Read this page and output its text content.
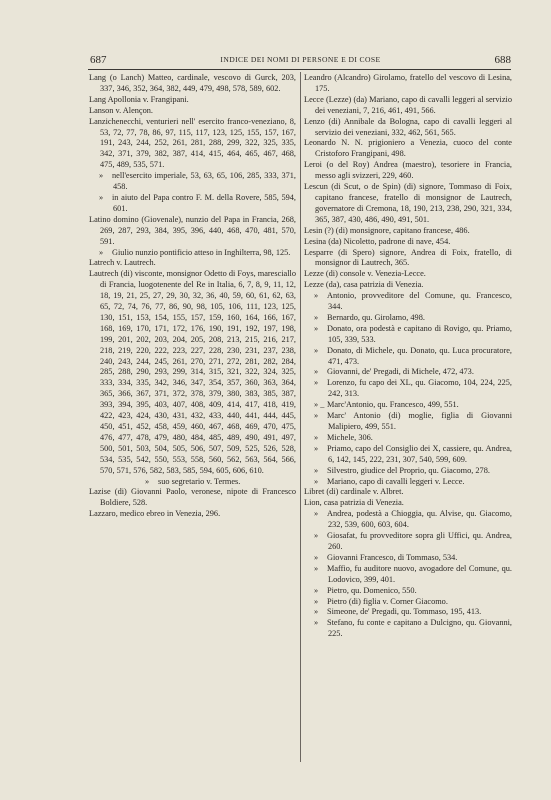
687	INDICE DEI NOMI DI PERSONE E DI COSE	688

Lang (o Lanch) Matteo, cardinale, vescovo di Gurck, 203, 337, 346, 352, 364, 382, 449, 479, 498, 578, 589, 602.

Lang Apollonia v. Frangipani.

Lanson v. Alençon.

Lanzichenecchi, venturieri nell' esercito franco-veneziano, 8, 53, 72, 77, 78, 86, 97, 115, 117, 123, 125, 155, 157, 167, 191, 243, 244, 252, 261, 281, 288, 299, 322, 325, 335, 342, 371, 379, 382, 387, 414, 415, 464, 465, 467, 468, 475, 489, 535, 571.

» nell'esercito imperiale, 53, 63, 65, 106, 285, 333, 371, 458.

» in aiuto del Papa contro F. M. della Rovere, 585, 594, 601.

Latino domino (Giovenale), nunzio del Papa in Francia, 268, 269, 287, 293, 384, 395, 396, 440, 468, 470, 481, 570, 591.

» Giulio nunzio pontificio atteso in Inghilterra, 98, 125.

Latrech v. Lautrech.

Lautrech (di) visconte, monsignor Odetto di Foys, maresciallo di Francia, luogotenente del Re in Italia, 6, 7, 8, 9, 11, 12, 18, 19, 21, 25, 27, 29, 30, 32, 36, 40, 59, 60, 61, 62, 63, 65, 72, 74, 76, 77, 86, 90, 98, 105, 106, 111, 123, 125, 130, 151, 153, 154, 155, 157, 159, 160, 164, 166, 167, 168, 169, 170, 171, 172, 176, 190, 191, 192, 197, 198, 199, 201, 202, 203, 204, 205, 208, 213, 215, 216, 217, 218, 219, 220, 222, 223, 227, 228, 230, 231, 237, 238, 240, 243, 244, 245, 261, 270, 271, 272, 281, 282, 284, 285, 288, 290, 293, 299, 314, 315, 321, 322, 324, 325, 333, 334, 335, 342, 346, 347, 354, 357, 360, 363, 364, 365, 366, 367, 371, 372, 378, 379, 380, 383, 385, 387, 393, 394, 395, 403, 407, 408, 409, 414, 417, 418, 419, 422, 423, 424, 430, 431, 432, 433, 440, 441, 444, 445, 450, 451, 452, 458, 459, 460, 467, 468, 469, 470, 475, 476, 477, 478, 479, 480, 484, 485, 489, 490, 491, 497, 500, 501, 503, 504, 505, 506, 507, 509, 525, 526, 528, 534, 535, 542, 550, 553, 558, 560, 562, 563, 564, 566, 570, 571, 576, 582, 583, 585, 594, 605, 606, 610.

» suo segretario v. Termes.

Lazise (di) Giovanni Paolo, veronese, nipote di Francesco Boldiere, 528.

Lazzaro, medico ebreo in Venezia, 296.

Leandro (Alcandro) Girolamo, fratello del vescovo di Lesina, 175.

Lecce (Lezze) (da) Mariano, capo di cavalli leggeri al servizio dei veneziani, 7, 216, 461, 491, 566.

Lenzo (di) Annibale da Bologna, capo di cavalli leggeri al servizio dei veneziani, 332, 462, 561, 565.

Leonardo N. N. prigioniero a Venezia, cuoco del conte Cristoforo Frangipani, 498.

Leroi (o del Roy) Andrea (maestro), tesoriere in Francia, messo agli svizzeri, 229, 460.

Lescun (di Scut, o de Spin) (di) signore, Tommaso di Foix, capitano francese, fratello di monsignor de Lautrech, governatore di Cremona, 18, 190, 213, 238, 290, 321, 334, 365, 387, 430, 486, 490, 491, 501.

Lesin (?) (di) monsignore, capitano francese, 486.

Lesina (da) Nicoletto, padrone di nave, 454.

Lesparre (di Spero) signore, Andrea di Foix, fratello, di monsignor di Lautrech, 365.

Lezze (di) console v. Venezia-Lecce.

Lezze (da), casa patrizia di Venezia.

» Antonio, provveditore del Comune, qu. Francesco, 344.

» Bernardo, qu. Girolamo, 498.

» Donato, ora podestà e capitano di Rovigo, qu. Priamo, 105, 339, 533.

» Donato, di Michele, qu. Donato, qu. Luca procuratore, 471, 473.

» Giovanni, de' Pregadi, di Michele, 472, 473.

» Lorenzo, fu capo dei XL, qu. Giacomo, 104, 224, 225, 242, 313.

» _ Marc'Antonio, qu. Francesco, 499, 551.

» Marc' Antonio (di) moglie, figlia di Giovanni Malipiero, 499, 551.

» Michele, 306.

» Priamo, capo del Consiglio dei X, cassiere, qu. Andrea, 6, 142, 145, 222, 231, 307, 540, 599, 609.

» Silvestro, giudice del Proprio, qu. Giacomo, 278.

» Mariano, capo di cavalli leggeri v. Lecce.

Libret (di) cardinale v. Albret.

Lion, casa patrizia di Venezia.

» Andrea, podestà a Chioggia, qu. Alvise, qu. Giacomo, 232, 539, 600, 603, 604.

» Giosafat, fu provveditore sopra gli Uffici, qu. Andrea, 260.

» Giovanni Francesco, di Tommaso, 534.

» Maffio, fu auditore nuovo, avogadore del Comune, qu. Lodovico, 399, 401.

» Pietro, qu. Domenico, 550.

» Pietro (di) figlia v. Corner Giacomo.

» Simeone, de' Pregadi, qu. Tommaso, 195, 413.

» Stefano, fu conte e capitano a Dulcigno, qu. Giovanni, 225.
